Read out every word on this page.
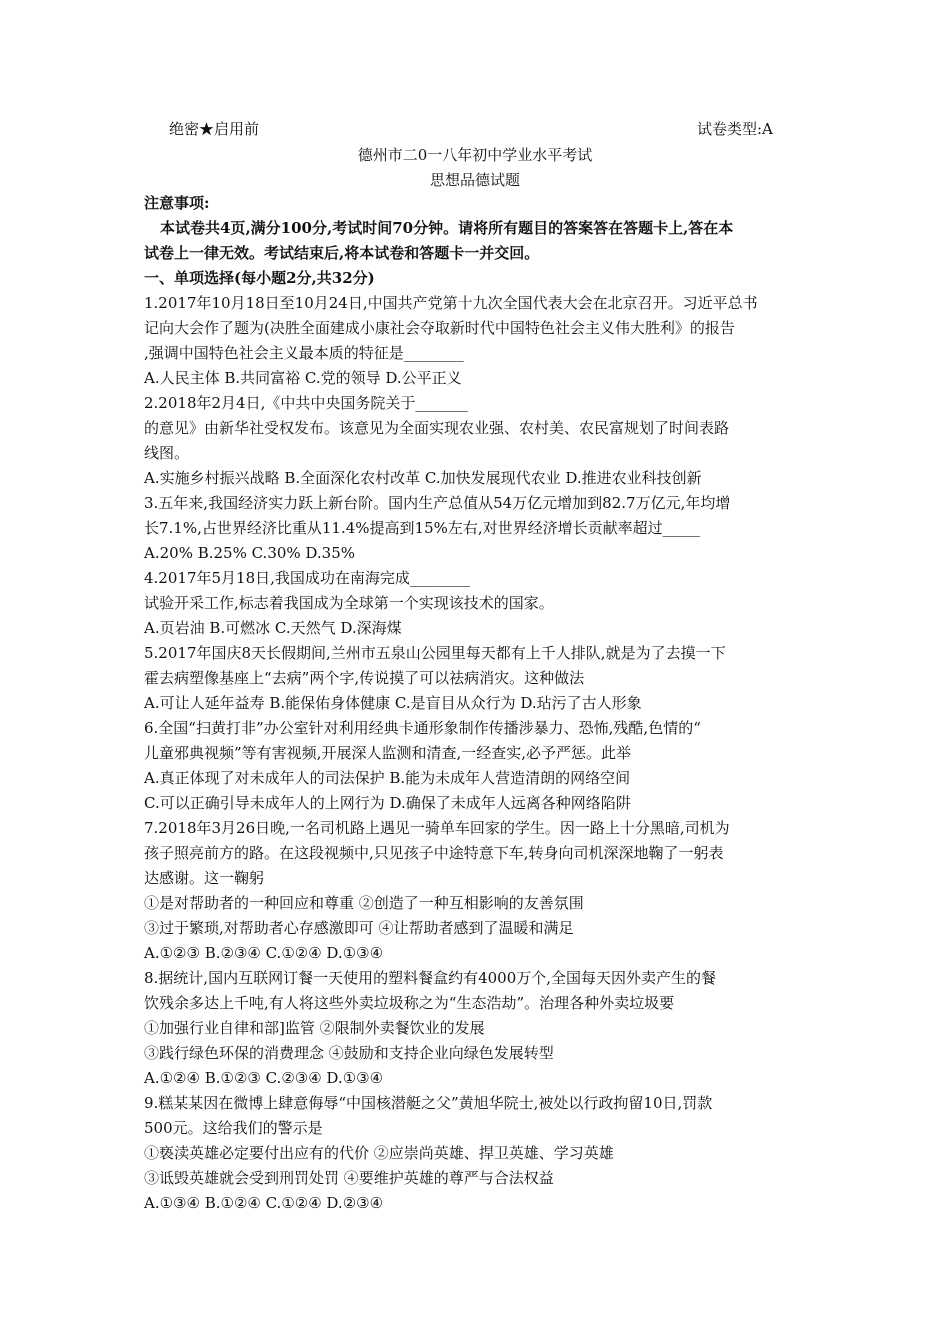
绝密★启用前	试卷类型:A
德州市二0一八年初中学业水平考试
思想品德试题
注意事项:
本试卷共4页,满分100分,考试时间70分钟。请将所有题目的答案答在答题卡上,答在本
试卷上一律无效。考试结束后,将本试卷和答题卡一并交回。
一、单项选择(每小题2分,共32分)
1.2017年10月18日至10月24日,中国共产党第十九次全国代表大会在北京召开。习近平总书
记向大会作了题为(决胜全面建成小康社会夺取新时代中国特色社会主义伟大胜利》的报告
,强调中国特色社会主义最本质的特征是________
A.人民主体 B.共同富裕 C.党的领导 D.公平正义
2.2018年2月4日,《中共中央国务院关于_______
的意见》由新华社受权发布。该意见为全面实现农业强、农村美、农民富规划了时间表路
线图。
A.实施乡村振兴战略 B.全面深化农村改革 C.加快发展现代农业 D.推进农业科技创新
3.五年来,我国经济实力跃上新台阶。国内生产总值从54万亿元增加到82.7万亿元,年均增
长7.1%,占世界经济比重从11.4%提高到15%左右,对世界经济增长贡献率超过_____
A.20% B.25% C.30% D.35%
4.2017年5月18日,我国成功在南海完成________
试验开采工作,标志着我国成为全球第一个实现该技术的国家。
A.页岩油 B.可燃冰 C.天然气 D.深海煤
5.2017年国庆8天长假期间,兰州市五泉山公园里每天都有上千人排队,就是为了去摸一下
霍去病塑像基座上“去病”两个字,传说摸了可以祛病消灾。这种做法
A.可让人延年益寿 B.能保佑身体健康 C.是盲目从众行为 D.玷污了古人形象
6.全国“扫黄打非”办公室针对利用经典卡通形象制作传播涉暴力、恐怖,残酷,色情的“
儿童邪典视频”等有害视频,开展深人监测和清查,一经查实,必予严惩。此举
A.真正体现了对未成年人的司法保护 B.能为未成年人营造清朗的网络空间
C.可以正确引导未成年人的上网行为 D.确保了未成年人远离各种网络陷阱
7.2018年3月26日晚,一名司机路上遇见一骑单车回家的学生。因一路上十分黑暗,司机为
孩子照亮前方的路。在这段视频中,只见孩子中途特意下车,转身向司机深深地鞠了一躬表
达感谢。这一鞠躬
①是对帮助者的一种回应和尊重 ②创造了一种互相影响的友善氛围
③过于繁琐,对帮助者心存感激即可 ④让帮助者感到了温暖和满足
A.①②③ B.②③④ C.①②④ D.①③④
8.据统计,国内互联网订餐一天使用的塑料餐盒约有4000万个,全国每天因外卖产生的餐
饮残余多达上千吨,有人将这些外卖垃圾称之为“生态浩劫”。治理各种外卖垃圾要
①加强行业自律和部]监管 ②限制外卖餐饮业的发展
③践行绿色环保的消费理念 ④鼓励和支持企业向绿色发展转型
A.①②④ B.①②③ C.②③④ D.①③④
9.糕某某因在微博上肆意侮辱“中国核潜艇之父”黄旭华院士,被处以行政拘留10日,罚款
500元。这给我们的警示是
①亵渎英雄必定要付出应有的代价 ②应崇尚英雄、捍卫英雄、学习英雄
③诋毁英雄就会受到刑罚处罚 ④要维护英雄的尊严与合法权益
A.①③④ B.①②④ C.①②④ D.②③④
